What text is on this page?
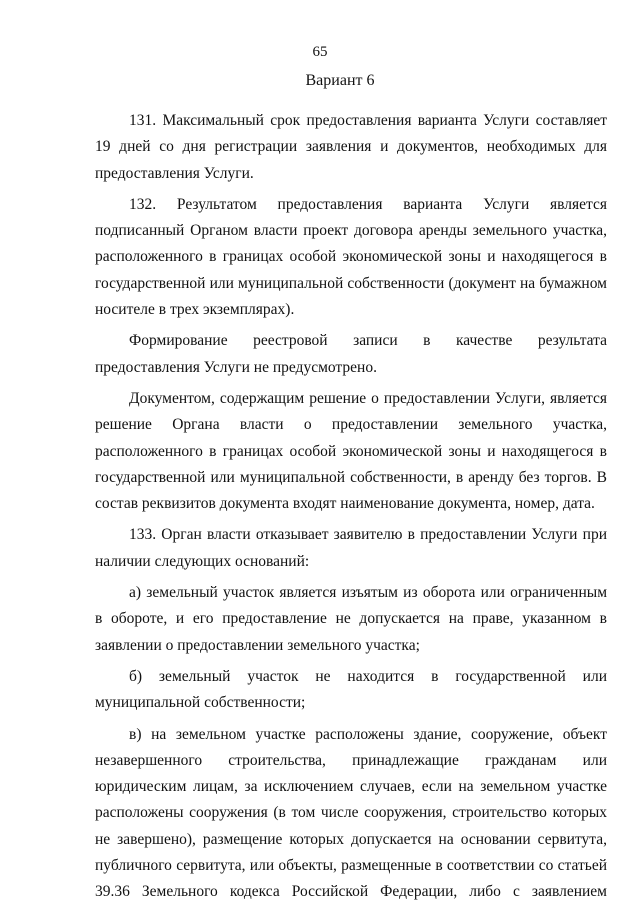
65
Вариант 6

131. Максимальный срок предоставления варианта Услуги составляет 19 дней со дня регистрации заявления и документов, необходимых для предоставления Услуги.

132. Результатом предоставления варианта Услуги является подписанный Органом власти проект договора аренды земельного участка, расположенного в границах особой экономической зоны и находящегося в государственной или муниципальной собственности (документ на бумажном носителе в трех экземплярах).

Формирование реестровой записи в качестве результата предоставления Услуги не предусмотрено.

Документом, содержащим решение о предоставлении Услуги, является решение Органа власти о предоставлении земельного участка, расположенного в границах особой экономической зоны и находящегося в государственной или муниципальной собственности, в аренду без торгов. В состав реквизитов документа входят наименование документа, номер, дата.

133. Орган власти отказывает заявителю в предоставлении Услуги при наличии следующих оснований:

а) земельный участок является изъятым из оборота или ограниченным в обороте, и его предоставление не допускается на праве, указанном в заявлении о предоставлении земельного участка;

б) земельный участок не находится в государственной или муниципальной собственности;

в) на земельном участке расположены здание, сооружение, объект незавершенного строительства, принадлежащие гражданам или юридическим лицам, за исключением случаев, если на земельном участке расположены сооружения (в том числе сооружения, строительство которых не завершено), размещение которых допускается на основании сервитута, публичного сервитута, или объекты, размещенные в соответствии со статьей 39.36 Земельного кодекса Российской Федерации, либо с заявлением
